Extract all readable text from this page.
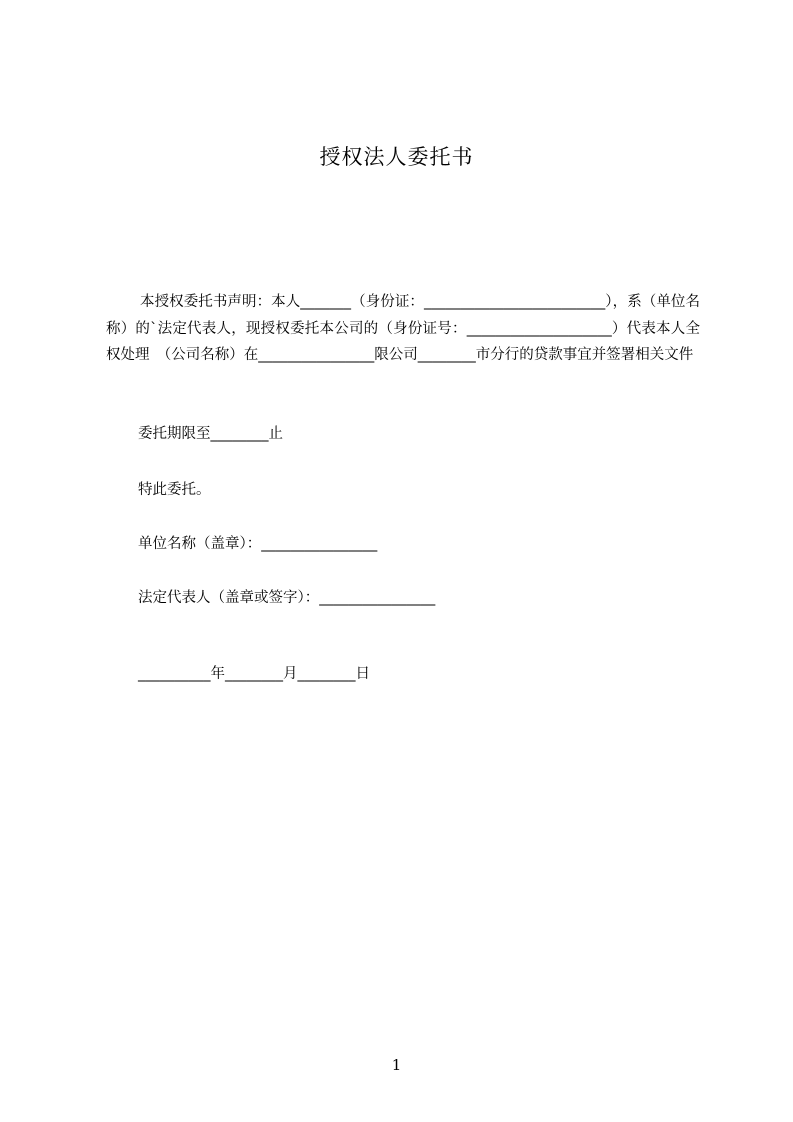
授权法人委托书

本授权委托书声明：本人_______（身份证：_________________________），系（单位名称）的`法定代表人，现授权委托本公司的（身份证号：____________________）代表本人全权处理　（公司名称）在________________限公司________市分行的贷款事宜并签署相关文件

委托期限至________止

特此委托。

单位名称（盖章）：________________

法定代表人（盖章或签字）：________________

__________年________月________日

1
